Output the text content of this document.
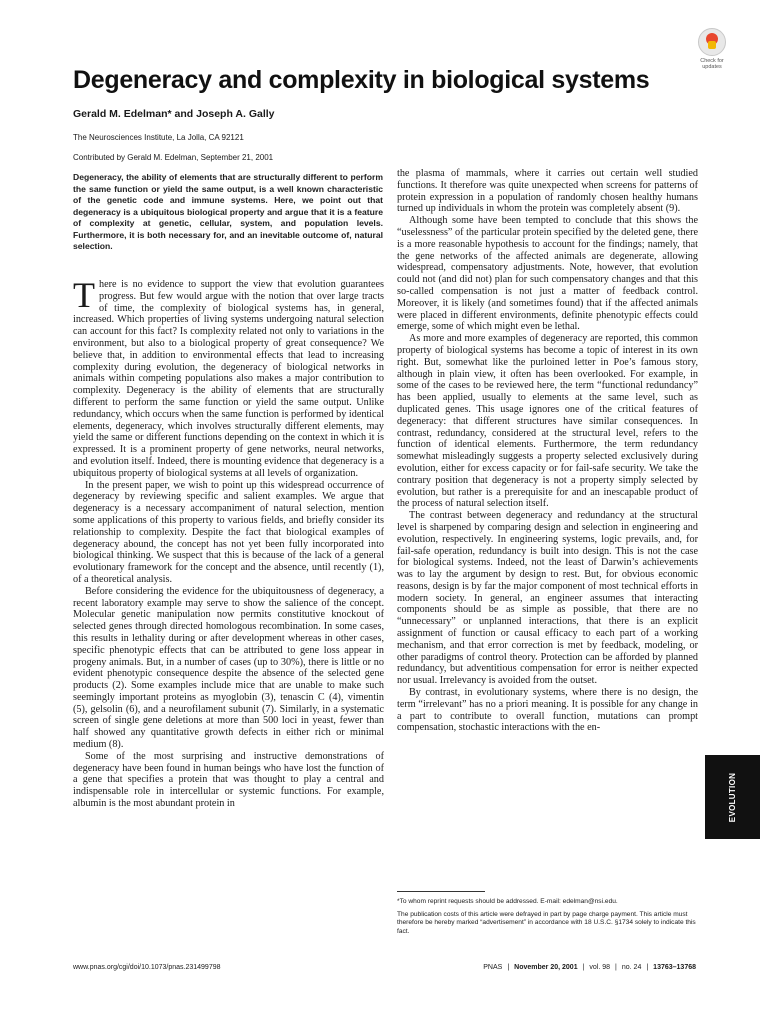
Check for updates
Degeneracy and complexity in biological systems
Gerald M. Edelman* and Joseph A. Gally
The Neurosciences Institute, La Jolla, CA 92121
Contributed by Gerald M. Edelman, September 21, 2001

Degeneracy, the ability of elements that are structurally different to perform the same function or yield the same output, is a well known characteristic of the genetic code and immune systems. Here, we point out that degeneracy is a ubiquitous biological property and argue that it is a feature of complexity at genetic, cellular, system, and population levels. Furthermore, it is both necessary for, and an inevitable outcome of, natural selection.

There is no evidence to support the view that evolution guarantees progress. But few would argue with the notion that over large tracts of time, the complexity of biological systems has, in general, increased. Which properties of living systems undergoing natural selection can account for this fact? Is complexity related not only to variations in the environment, but also to a biological property of great consequence? We believe that, in addition to environmental effects that lead to increasing complexity during evolution, the degeneracy of biological networks in animals within competing populations also makes a major contribution to complexity. Degeneracy is the ability of elements that are structurally different to perform the same function or yield the same output. Unlike redundancy, which occurs when the same function is performed by identical elements, degeneracy, which involves structurally different elements, may yield the same or different functions depending on the context in which it is expressed. It is a prominent property of gene networks, neural networks, and evolution itself. Indeed, there is mounting evidence that degeneracy is a ubiquitous property of biological systems at all levels of organization.

In the present paper, we wish to point up this widespread occurrence of degeneracy by reviewing specific and salient examples. We argue that degeneracy is a necessary accompaniment of natural selection, mention some applications of this property to various fields, and briefly consider its relationship to complexity. Despite the fact that biological examples of degeneracy abound, the concept has not yet been fully incorporated into biological thinking. We suspect that this is because of the lack of a general evolutionary framework for the concept and the absence, until recently (1), of a theoretical analysis.

Before considering the evidence for the ubiquitousness of degeneracy, a recent laboratory example may serve to show the salience of the concept. Molecular genetic manipulation now permits constitutive knockout of selected genes through directed homologous recombination. In some cases, this results in lethality during or after development whereas in other cases, specific phenotypic effects that can be attributed to gene loss appear in progeny animals. But, in a number of cases (up to 30%), there is little or no evident phenotypic consequence despite the absence of the selected gene products (2). Some examples include mice that are unable to make such seemingly important proteins as myoglobin (3), tenascin C (4), vimentin (5), gelsolin (6), and a neurofilament subunit (7). Similarly, in a systematic screen of single gene deletions at more than 500 loci in yeast, fewer than half showed any quantitative growth defects in either rich or minimal medium (8).

Some of the most surprising and instructive demonstrations of degeneracy have been found in human beings who have lost the function of a gene that specifies a protein that was thought to play a central and indispensable role in intercellular or systemic functions. For example, albumin is the most abundant protein in

the plasma of mammals, where it carries out certain well studied functions. It therefore was quite unexpected when screens for patterns of protein expression in a population of randomly chosen healthy humans turned up individuals in whom the protein was completely absent (9).

Although some have been tempted to conclude that this shows the “uselessness” of the particular protein specified by the deleted gene, there is a more reasonable hypothesis to account for the findings; namely, that the gene networks of the affected animals are degenerate, allowing widespread, compensatory adjustments. Note, however, that evolution could not (and did not) plan for such compensatory changes and that this so-called compensation is not just a matter of feedback control. Moreover, it is likely (and sometimes found) that if the affected animals were placed in different environments, definite phenotypic effects could emerge, some of which might even be lethal.

As more and more examples of degeneracy are reported, this common property of biological systems has become a topic of interest in its own right. But, somewhat like the purloined letter in Poe’s famous story, although in plain view, it often has been overlooked. For example, in some of the cases to be reviewed here, the term “functional redundancy” has been applied, usually to elements at the same level, such as duplicated genes. This usage ignores one of the critical features of degeneracy: that different structures have similar consequences. In contrast, redundancy, considered at the structural level, refers to the function of identical elements. Furthermore, the term redundancy somewhat misleadingly suggests a property selected exclusively during evolution, either for excess capacity or for fail-safe security. We take the contrary position that degeneracy is not a property simply selected by evolution, but rather is a prerequisite for and an inescapable product of the process of natural selection itself.

The contrast between degeneracy and redundancy at the structural level is sharpened by comparing design and selection in engineering and evolution, respectively. In engineering systems, logic prevails, and, for fail-safe operation, redundancy is built into design. This is not the case for biological systems. Indeed, not the least of Darwin’s achievements was to lay the argument by design to rest. But, for obvious economic reasons, design is by far the major component of most technical efforts in modern society. In general, an engineer assumes that interacting components should be as simple as possible, that there are no “unnecessary” or unplanned interactions, that there is an explicit assignment of function or causal efficacy to each part of a working mechanism, and that error correction is met by feedback, modeling, or other paradigms of control theory. Protection can be afforded by planned redundancy, but adventitious compensation for error is neither expected nor usual. Irrelevancy is avoided from the outset.

By contrast, in evolutionary systems, where there is no design, the term “irrelevant” has no a priori meaning. It is possible for any change in a part to contribute to overall function, mutations can prompt compensation, stochastic interactions with the en-

*To whom reprint requests should be addressed. E-mail: edelman@nsi.edu.
The publication costs of this article were defrayed in part by page charge payment. This article must therefore be hereby marked “advertisement” in accordance with 18 U.S.C. §1734 solely to indicate this fact.
EVOLUTION
www.pnas.org/cgi/doi/10.1073/pnas.231499798	PNAS | November 20, 2001 | vol. 98 | no. 24 | 13763–13768
